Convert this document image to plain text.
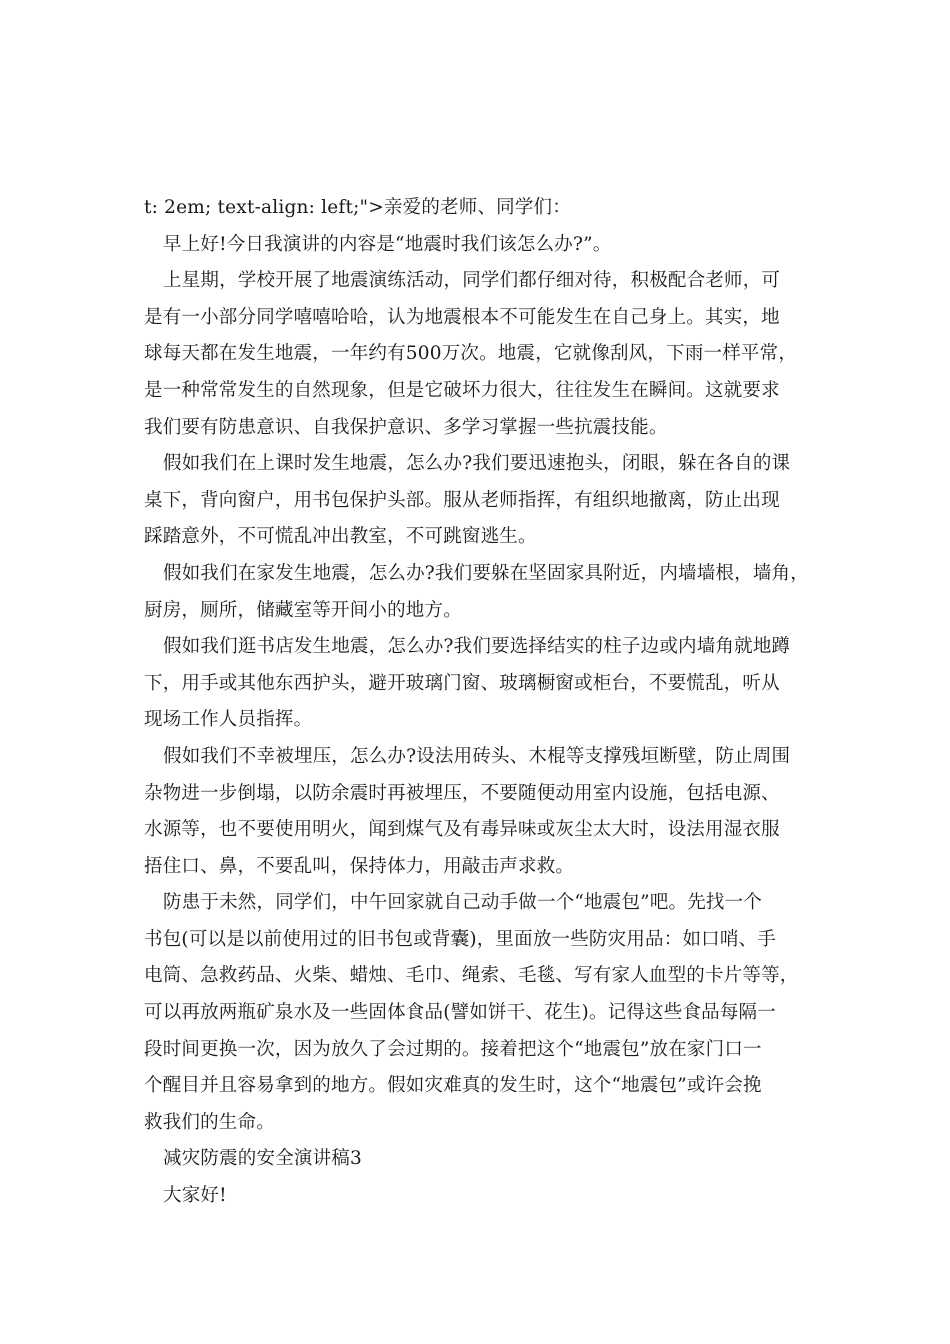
t: 2em; text-align: left;">亲爱的老师、同学们：
早上好!今日我演讲的内容是“地震时我们该怎么办?”。
上星期，学校开展了地震演练活动，同学们都仔细对待，积极配合老师，可
是有一小部分同学嘻嘻哈哈，认为地震根本不可能发生在自己身上。其实，地
球每天都在发生地震，一年约有500万次。地震，它就像刮风，下雨一样平常，
是一种常常发生的自然现象，但是它破坏力很大，往往发生在瞬间。这就要求
我们要有防患意识、自我保护意识、多学习掌握一些抗震技能。
假如我们在上课时发生地震，怎么办?我们要迅速抱头，闭眼，躲在各自的课
桌下，背向窗户，用书包保护头部。服从老师指挥，有组织地撤离，防止出现
踩踏意外，不可慌乱冲出教室，不可跳窗逃生。
假如我们在家发生地震，怎么办?我们要躲在坚固家具附近，内墙墙根，墙角，
厨房，厕所，储藏室等开间小的地方。
假如我们逛书店发生地震，怎么办?我们要选择结实的柱子边或内墙角就地蹲
下，用手或其他东西护头，避开玻璃门窗、玻璃橱窗或柜台，不要慌乱，听从
现场工作人员指挥。
假如我们不幸被埋压，怎么办?设法用砖头、木棍等支撑残垣断壁，防止周围
杂物进一步倒塌，以防余震时再被埋压，不要随便动用室内设施，包括电源、
水源等，也不要使用明火，闻到煤气及有毒异味或灰尘太大时，设法用湿衣服
捂住口、鼻，不要乱叫，保持体力，用敲击声求救。
防患于未然，同学们，中午回家就自己动手做一个“地震包”吧。先找一个
书包(可以是以前使用过的旧书包或背囊)，里面放一些防灾用品：如口哨、手
电筒、急救药品、火柴、蜡烛、毛巾、绳索、毛毯、写有家人血型的卡片等等，
可以再放两瓶矿泉水及一些固体食品(譬如饼干、花生)。记得这些食品每隔一
段时间更换一次，因为放久了会过期的。接着把这个“地震包”放在家门口一
个醒目并且容易拿到的地方。假如灾难真的发生时，这个“地震包”或许会挽
救我们的生命。
减灾防震的安全演讲稿3
大家好!
